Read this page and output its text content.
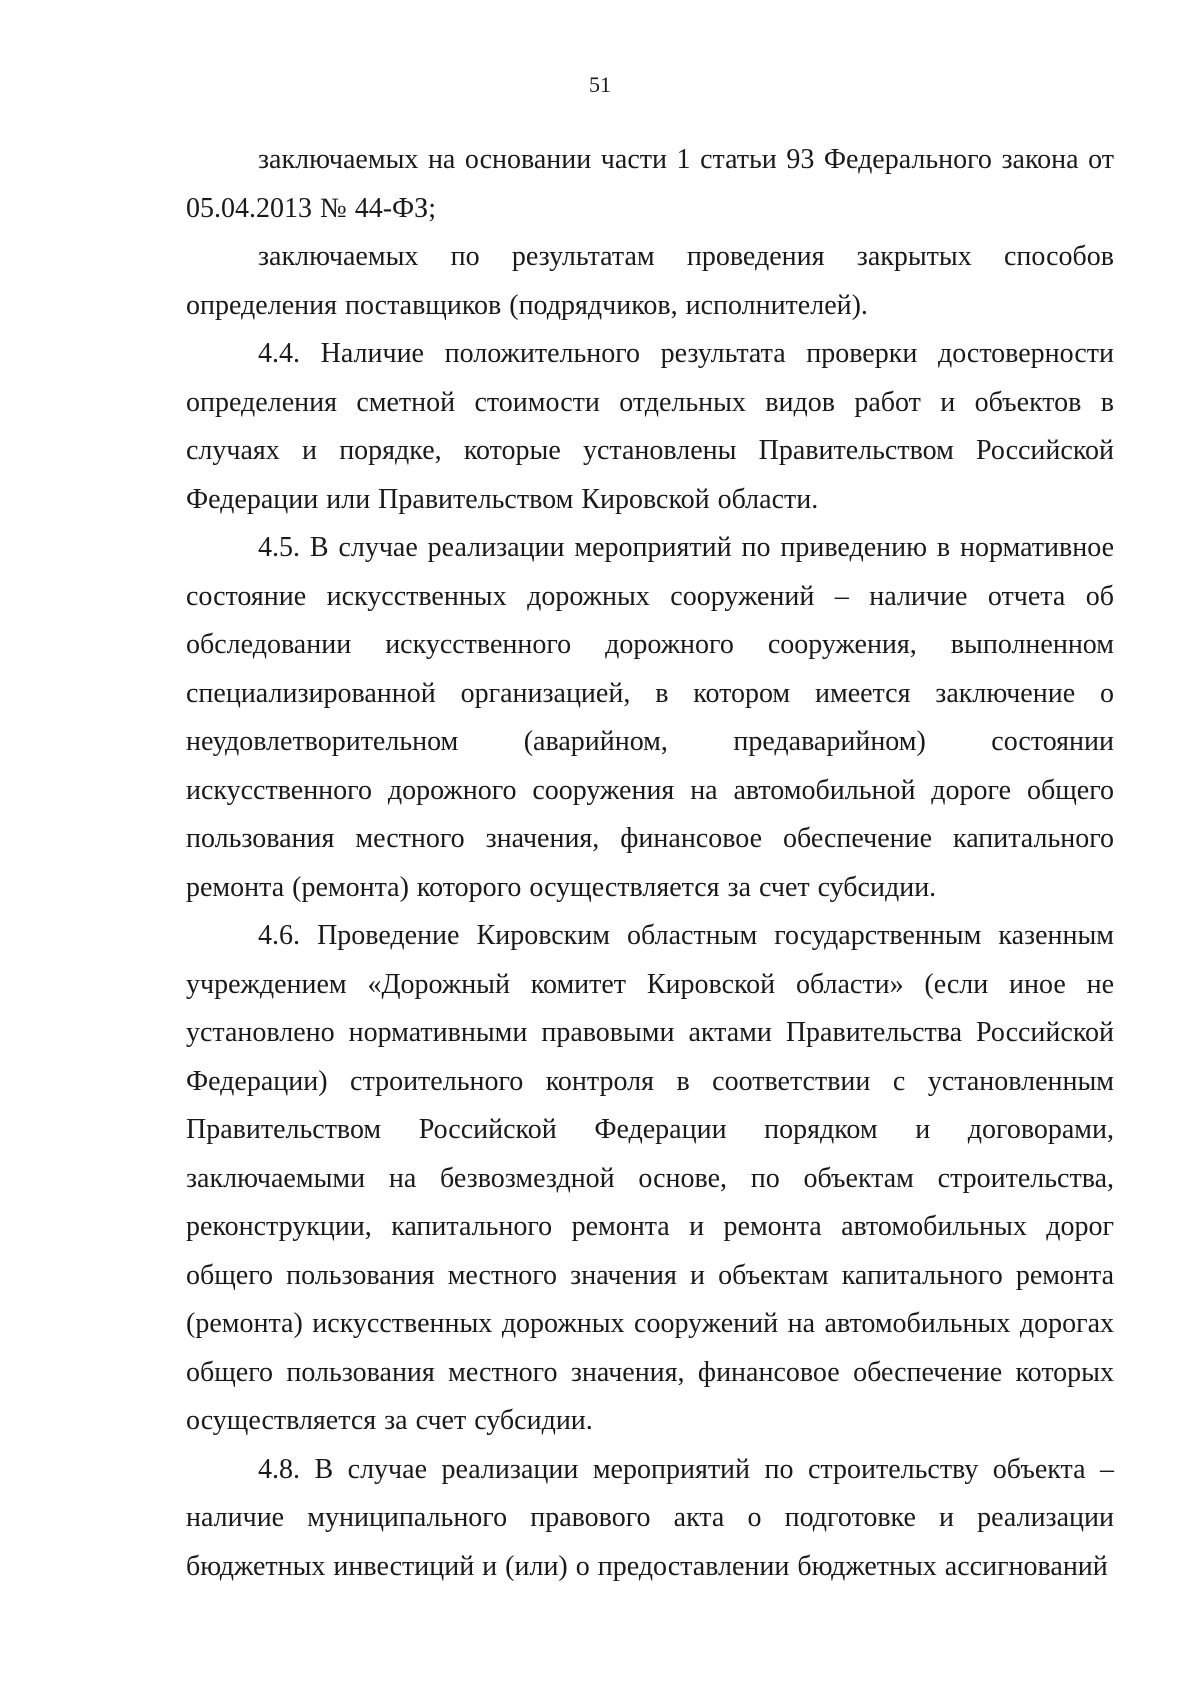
51

заключаемых на основании части 1 статьи 93 Федерального закона от 05.04.2013 № 44-ФЗ;

заключаемых по результатам проведения закрытых способов определения поставщиков (подрядчиков, исполнителей).

4.4. Наличие положительного результата проверки достоверности определения сметной стоимости отдельных видов работ и объектов в случаях и порядке, которые установлены Правительством Российской Федерации или Правительством Кировской области.

4.5. В случае реализации мероприятий по приведению в нормативное состояние искусственных дорожных сооружений – наличие отчета об обследовании искусственного дорожного сооружения, выполненном специализированной организацией, в котором имеется заключение о неудовлетворительном (аварийном, предаварийном) состоянии искусственного дорожного сооружения на автомобильной дороге общего пользования местного значения, финансовое обеспечение капитального ремонта (ремонта) которого осуществляется за счет субсидии.

4.6. Проведение Кировским областным государственным казенным учреждением «Дорожный комитет Кировской области» (если иное не установлено нормативными правовыми актами Правительства Российской Федерации) строительного контроля в соответствии с установленным Правительством Российской Федерации порядком и договорами, заключаемыми на безвозмездной основе, по объектам строительства, реконструкции, капитального ремонта и ремонта автомобильных дорог общего пользования местного значения и объектам капитального ремонта (ремонта) искусственных дорожных сооружений на автомобильных дорогах общего пользования местного значения, финансовое обеспечение которых осуществляется за счет субсидии.

4.8. В случае реализации мероприятий по строительству объекта – наличие муниципального правового акта о подготовке и реализации бюджетных инвестиций и (или) о предоставлении бюджетных ассигнований
